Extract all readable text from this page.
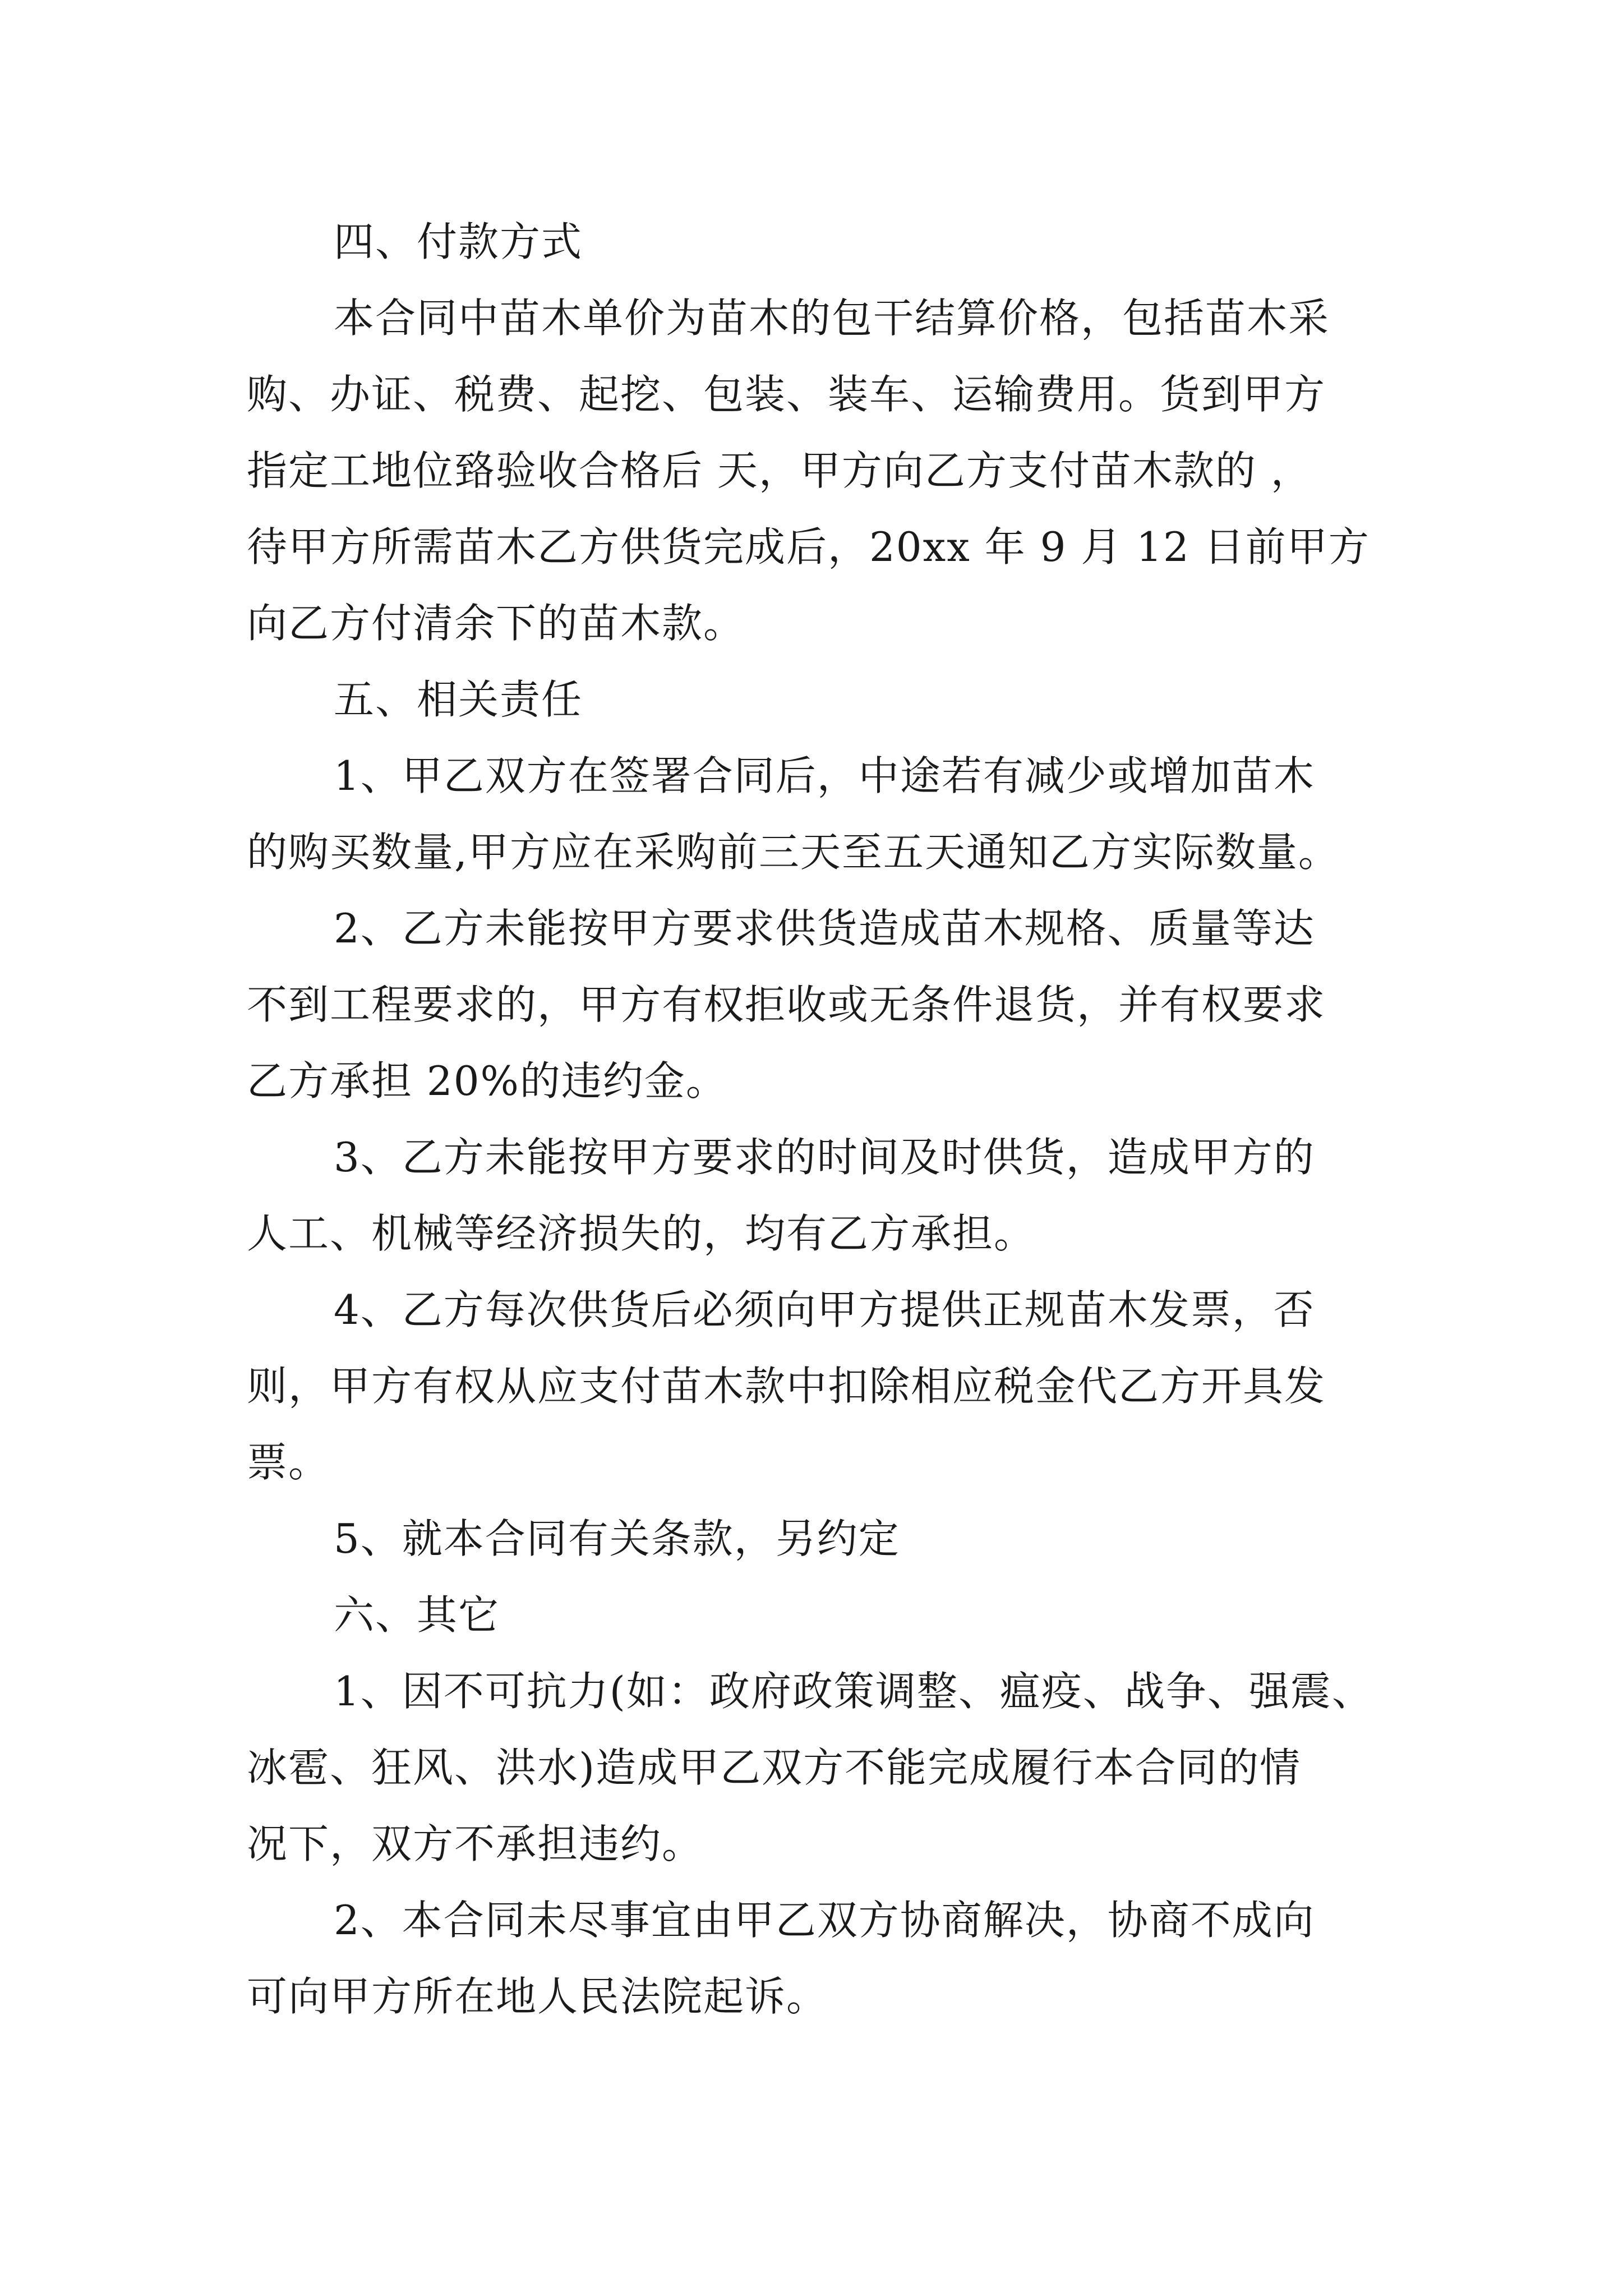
四、付款方式
本合同中苗木单价为苗木的包干结算价格，包括苗木采
购、办证、税费、起挖、包装、装车、运输费用。货到甲方
指定工地位臵验收合格后 天，甲方向乙方支付苗木款的 ，
待甲方所需苗木乙方供货完成后，20xx 年 9 月 12 日前甲方
向乙方付清余下的苗木款。
五、相关责任
1、甲乙双方在签署合同后，中途若有减少或增加苗木
的购买数量,甲方应在采购前三天至五天通知乙方实际数量。
2、乙方未能按甲方要求供货造成苗木规格、质量等达
不到工程要求的，甲方有权拒收或无条件退货，并有权要求
乙方承担 20%的违约金。
3、乙方未能按甲方要求的时间及时供货，造成甲方的
人工、机械等经济损失的，均有乙方承担。
4、乙方每次供货后必须向甲方提供正规苗木发票，否
则，甲方有权从应支付苗木款中扣除相应税金代乙方开具发
票。
5、就本合同有关条款，另约定
六、其它
1、因不可抗力(如：政府政策调整、瘟疫、战争、强震、
冰雹、狂风、洪水)造成甲乙双方不能完成履行本合同的情
况下，双方不承担违约。
2、本合同未尽事宜由甲乙双方协商解决，协商不成向
可向甲方所在地人民法院起诉。
